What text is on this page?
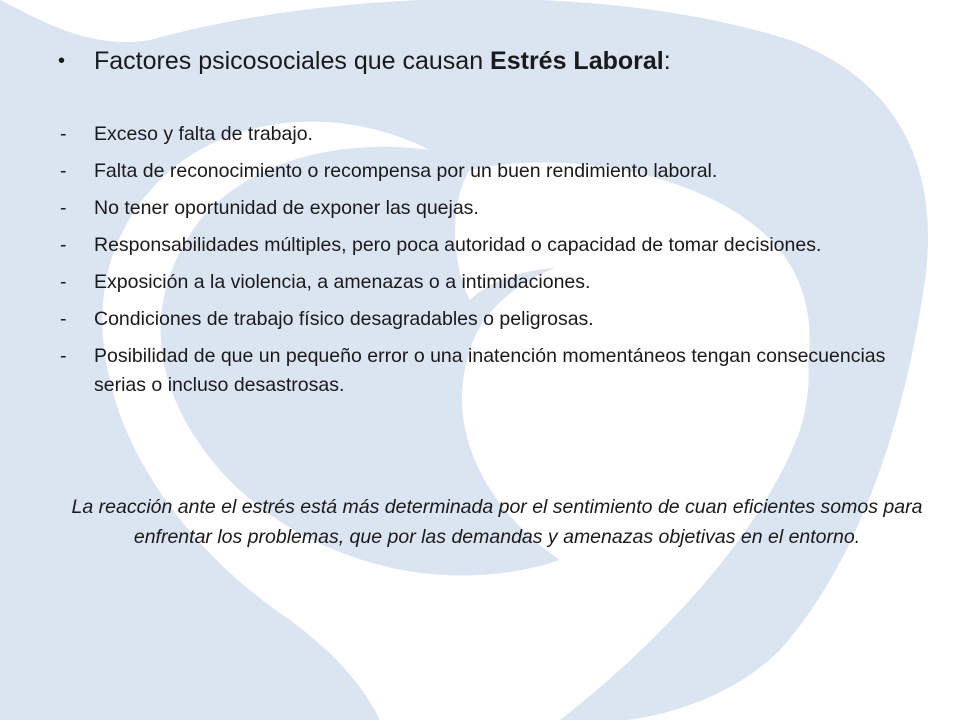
• Factores psicosociales que causan Estrés Laboral:
- Exceso y falta de trabajo.
- Falta de reconocimiento o recompensa por un buen rendimiento laboral.
- No tener oportunidad de exponer las quejas.
- Responsabilidades múltiples, pero poca autoridad o capacidad de tomar decisiones.
- Exposición a la violencia, a amenazas o a intimidaciones.
- Condiciones de trabajo físico desagradables o peligrosas.
- Posibilidad de que un pequeño error o una inatención momentáneos tengan consecuencias serias o incluso desastrosas.
La reacción ante el estrés está más determinada por el sentimiento de cuan eficientes somos para enfrentar los problemas, que por las demandas y amenazas objetivas en el entorno.
